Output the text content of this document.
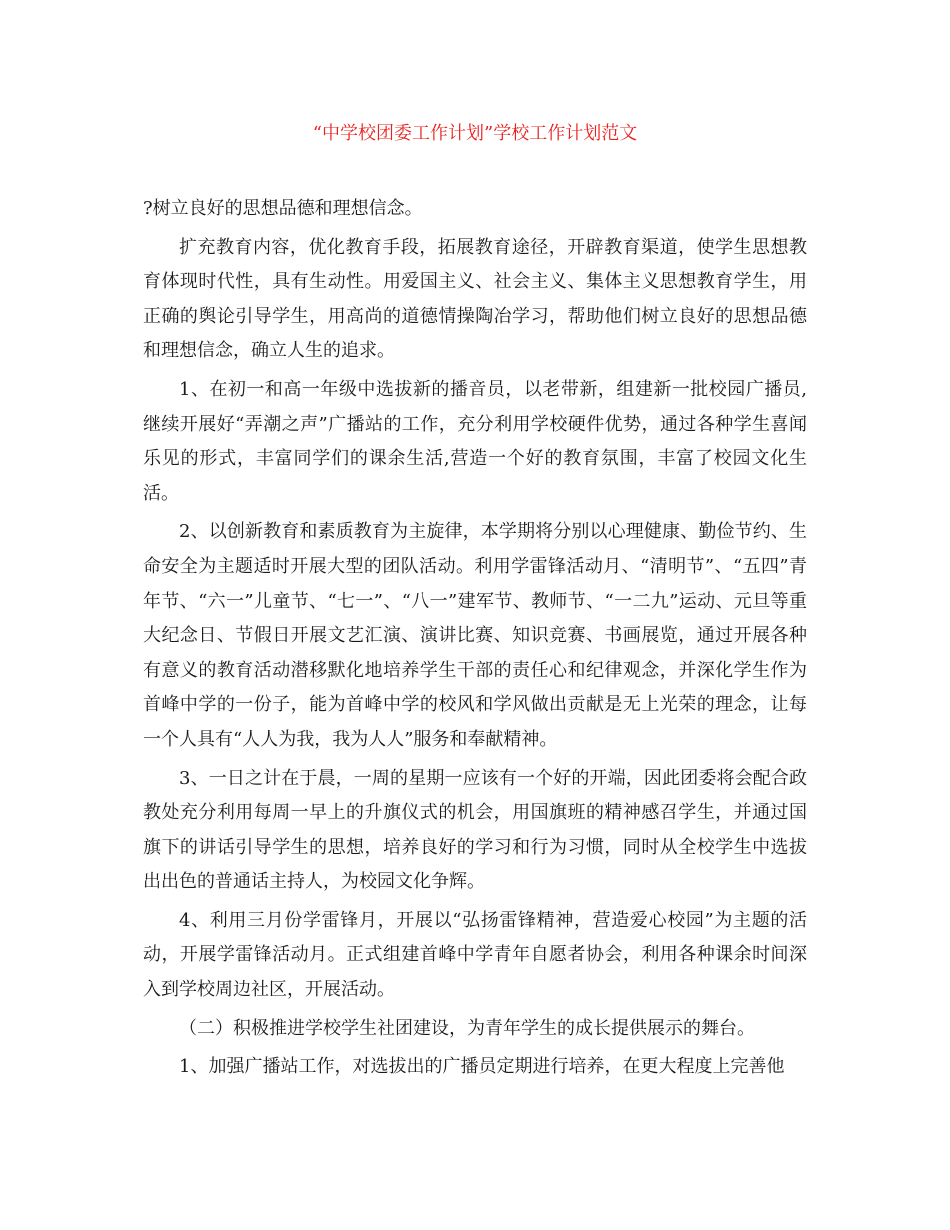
“中学校团委工作计划”学校工作计划范文

?树立良好的思想品德和理想信念。

扩充教育内容，优化教育手段，拓展教育途径，开辟教育渠道，使学生思想教育体现时代性，具有生动性。用爱国主义、社会主义、集体主义思想教育学生，用正确的舆论引导学生，用高尚的道德情操陶冶学习，帮助他们树立良好的思想品德和理想信念，确立人生的追求。

1、在初一和高一年级中选拔新的播音员，以老带新，组建新一批校园广播员,继续开展好“弄潮之声”广播站的工作，充分利用学校硬件优势，通过各种学生喜闻乐见的形式，丰富同学们的课余生活,营造一个好的教育氛围，丰富了校园文化生活。

2、以创新教育和素质教育为主旋律，本学期将分别以心理健康、勤俭节约、生命安全为主题适时开展大型的团队活动。利用学雷锋活动月、“清明节”、“五四”青年节、“六一”儿童节、“七一”、“八一”建军节、教师节、“一二九”运动、元旦等重大纪念日、节假日开展文艺汇演、演讲比赛、知识竞赛、书画展览，通过开展各种有意义的教育活动潜移默化地培养学生干部的责任心和纪律观念，并深化学生作为首峰中学的一份子，能为首峰中学的校风和学风做出贡献是无上光荣的理念，让每一个人具有“人人为我，我为人人”服务和奉献精神。

3、一日之计在于晨，一周的星期一应该有一个好的开端，因此团委将会配合政教处充分利用每周一早上的升旗仪式的机会，用国旗班的精神感召学生，并通过国旗下的讲话引导学生的思想，培养良好的学习和行为习惯，同时从全校学生中选拔出出色的普通话主持人，为校园文化争辉。

4、利用三月份学雷锋月，开展以“弘扬雷锋精神，营造爱心校园”为主题的活动，开展学雷锋活动月。正式组建首峰中学青年自愿者协会，利用各种课余时间深入到学校周边社区，开展活动。

（二）积极推进学校学生社团建设，为青年学生的成长提供展示的舞台。

1、加强广播站工作，对选拔出的广播员定期进行培养，在更大程度上完善他
